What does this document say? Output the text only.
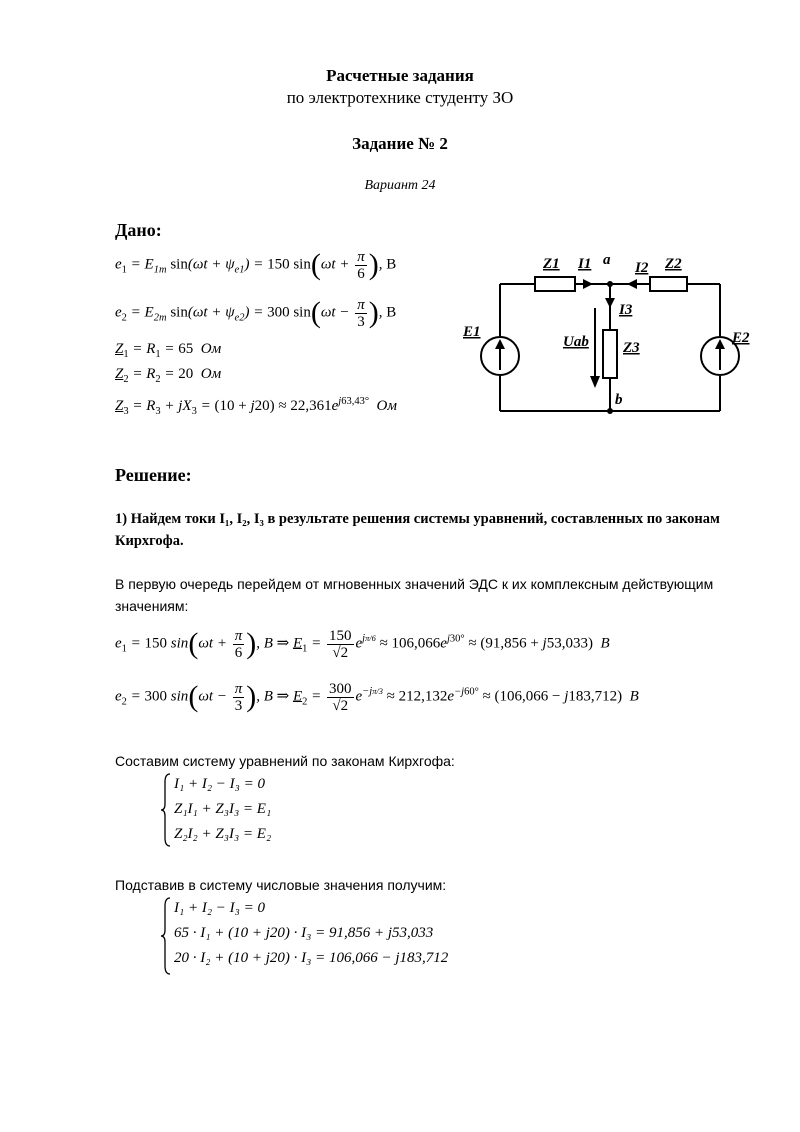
Расчетные задания
по электротехнике студенту ЗО
Задание № 2
Вариант 24
Дано:
$e_1 = E_{1m}$ $\sin(\omega t + \psi_{e1}) = 150$ $\sin(\omega t + \frac{\pi}{6}$ ), B
$e_2 = E_{2m}$ $\sin(\omega t + \psi_{e2}) = 300$ $\sin(\omega t - \frac{\pi}{3}$ ), B
$Z_1 = R_1 = 65$  Ом
$Z_2 = R_2 = 20$  Ом
$Z_3 = R_3 + jX_3 = (10 + j20) \approx 22,361e^{j63,43^\circ}$  Ом
Z1 I1	I2 Z2
a
I3
E1
Uab Z3
E2
b
Решение:
1) Найдем токи I₁, I₂, I₃ в результате решения системы уравнений, составленных по законам Кирхгофа.
В первую очередь перейдем от мгновенных значений ЭДС к их комплексным действующим значениям:
$e_1 = 150$ $\sin(\omega t + \frac{\pi}{6}$ ), B ⇒ $E_1 = \frac{150}{√2} e^{j\pi/6} \approx 106,066e^{j30^\circ} \approx (91,856 + j53,033)$  B
$e_2 = 300$ $\sin(\omega t - \frac{\pi}{3}$ ), B ⇒ $E_2 = \frac{300}{√2} e^{-j\pi/3} \approx 212,132e^{-j60^\circ} \approx (106,066 - j183,712)$  B
Составим систему уравнений по законам Кирхгофа:
I₁ + I₂ − I₃ = 0
Z₁I₁ + Z₃I₃ = E₁
Z₂I₂ + Z₃I₃ = E₂
Подставив в систему числовые значения получим:
I₁ + I₂ − I₃ = 0
65 · I₁ + (10 + j20) · I₃ = 91,856 + j53,033
20 · I₂ + (10 + j20) · I₃ = 106,066 − j183,712
